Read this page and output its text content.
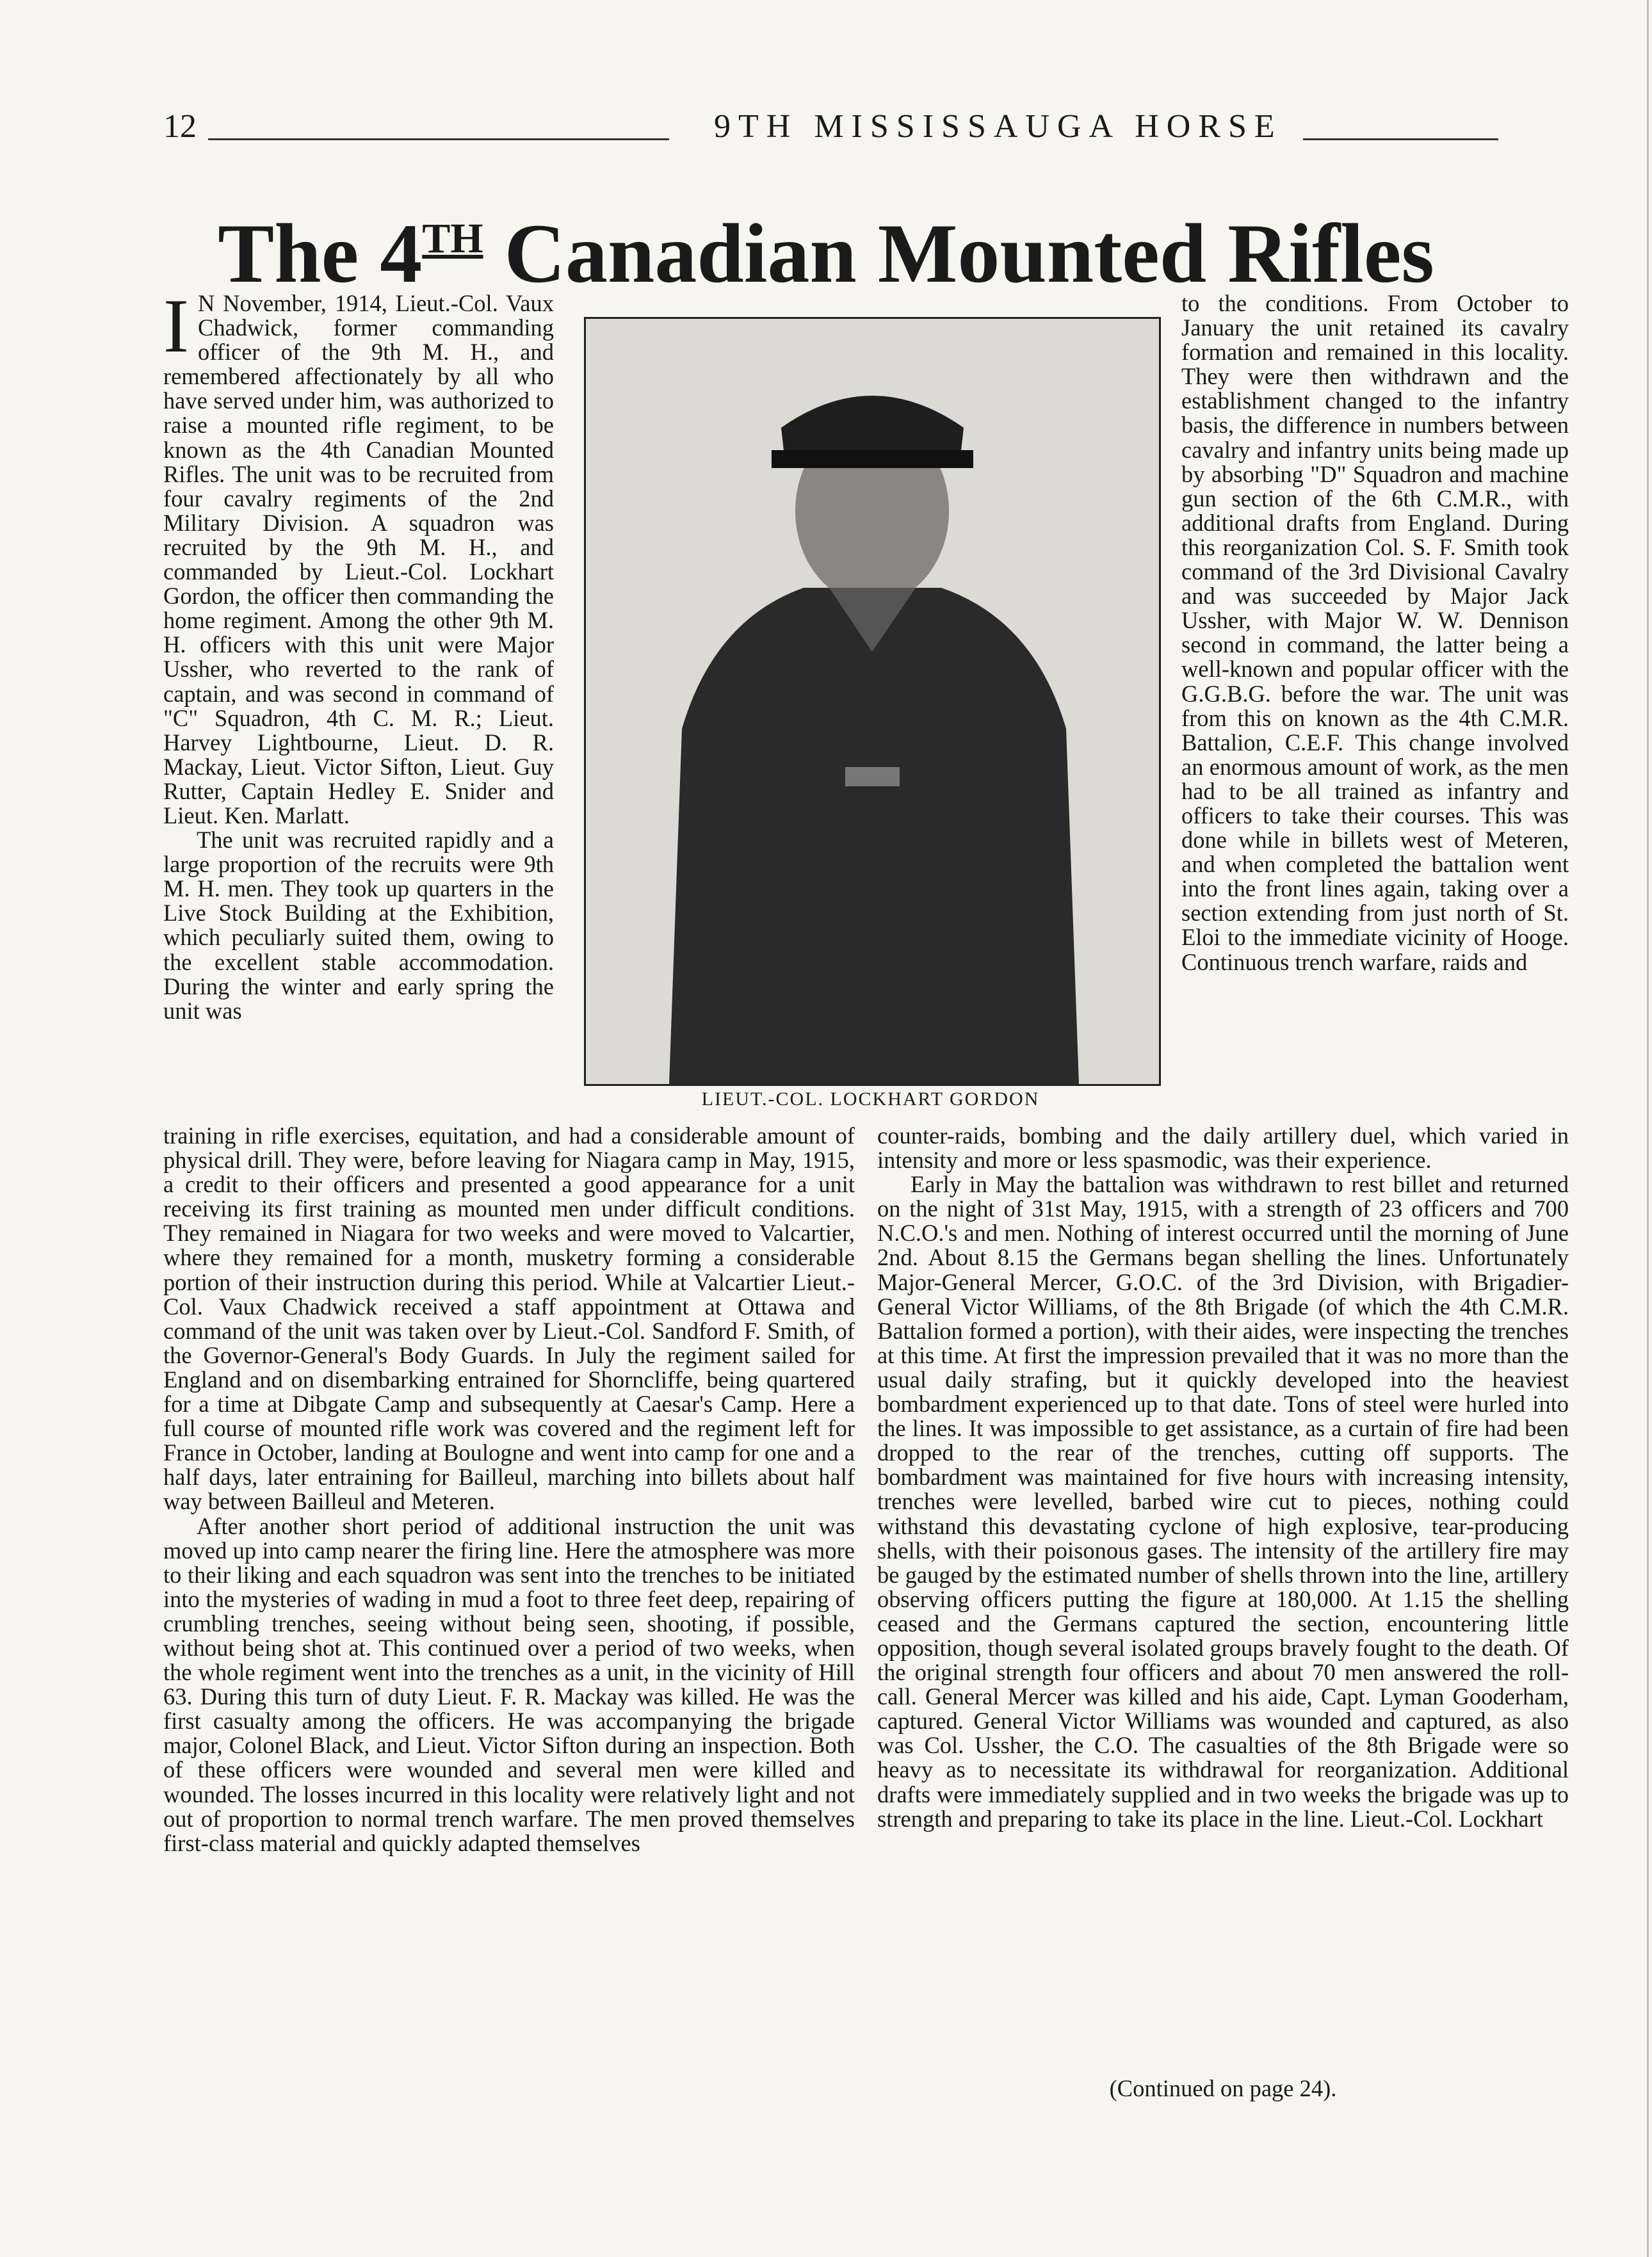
12	9TH MISSISSAUGA HORSE
The 4TH Canadian Mounted Rifles

I N November, 1914, Lieut.-Col. Vaux Chadwick, former commanding officer of the 9th M. H., and remembered affectionately by all who have served under him, was authorized to raise a mounted rifle regiment, to be known as the 4th Canadian Mounted Rifles. The unit was to be recruited from four cavalry regiments of the 2nd Military Division. A squadron was recruited by the 9th M. H., and commanded by Lieut.-Col. Lockhart Gordon, the officer then commanding the home regiment. Among the other 9th M. H. officers with this unit were Major Ussher, who reverted to the rank of captain, and was second in command of "C" Squadron, 4th C. M. R.; Lieut. Harvey Lightbourne, Lieut. D. R. Mackay, Lieut. Victor Sifton, Lieut. Guy Rutter, Captain Hedley E. Snider and Lieut. Ken. Marlatt.

The unit was recruited rapidly and a large proportion of the recruits were 9th M. H. men. They took up quarters in the Live Stock Building at the Exhibition, which peculiarly suited them, owing to the excellent stable accommodation. During the winter and early spring the unit was

LIEUT.-COL. LOCKHART GORDON

to the conditions. From October to January the unit retained its cavalry formation and remained in this locality. They were then withdrawn and the establishment changed to the infantry basis, the difference in numbers between cavalry and infantry units being made up by absorbing "D" Squadron and machine gun section of the 6th C.M.R., with additional drafts from England. During this reorganization Col. S. F. Smith took command of the 3rd Divisional Cavalry and was succeeded by Major Jack Ussher, with Major W. W. Dennison second in command, the latter being a well-known and popular officer with the G.G.B.G. before the war. The unit was from this on known as the 4th C.M.R. Battalion, C.E.F. This change involved an enormous amount of work, as the men had to be all trained as infantry and officers to take their courses. This was done while in billets west of Meteren, and when completed the battalion went into the front lines again, taking over a section extending from just north of St. Eloi to the immediate vicinity of Hooge. Continuous trench warfare, raids and

training in rifle exercises, equitation, and had a considerable amount of physical drill. They were, before leaving for Niagara camp in May, 1915, a credit to their officers and presented a good appearance for a unit receiving its first training as mounted men under difficult conditions. They remained in Niagara for two weeks and were moved to Valcartier, where they remained for a month, musketry forming a considerable portion of their instruction during this period. While at Valcartier Lieut.-Col. Vaux Chadwick received a staff appointment at Ottawa and command of the unit was taken over by Lieut.-Col. Sandford F. Smith, of the Governor-General's Body Guards. In July the regiment sailed for England and on disembarking entrained for Shorncliffe, being quartered for a time at Dibgate Camp and subsequently at Caesar's Camp. Here a full course of mounted rifle work was covered and the regiment left for France in October, landing at Boulogne and went into camp for one and a half days, later entraining for Bailleul, marching into billets about half way between Bailleul and Meteren.

After another short period of additional instruction the unit was moved up into camp nearer the firing line. Here the atmosphere was more to their liking and each squadron was sent into the trenches to be initiated into the mysteries of wading in mud a foot to three feet deep, repairing of crumbling trenches, seeing without being seen, shooting, if possible, without being shot at. This continued over a period of two weeks, when the whole regiment went into the trenches as a unit, in the vicinity of Hill 63. During this turn of duty Lieut. F. R. Mackay was killed. He was the first casualty among the officers. He was accompanying the brigade major, Colonel Black, and Lieut. Victor Sifton during an inspection. Both of these officers were wounded and several men were killed and wounded. The losses incurred in this locality were relatively light and not out of proportion to normal trench warfare. The men proved themselves first-class material and quickly adapted themselves

counter-raids, bombing and the daily artillery duel, which varied in intensity and more or less spasmodic, was their experience.

Early in May the battalion was withdrawn to rest billet and returned on the night of 31st May, 1915, with a strength of 23 officers and 700 N.C.O.'s and men. Nothing of interest occurred until the morning of June 2nd. About 8.15 the Germans began shelling the lines. Unfortunately Major-General Mercer, G.O.C. of the 3rd Division, with Brigadier-General Victor Williams, of the 8th Brigade (of which the 4th C.M.R. Battalion formed a portion), with their aides, were inspecting the trenches at this time. At first the impression prevailed that it was no more than the usual daily strafing, but it quickly developed into the heaviest bombardment experienced up to that date. Tons of steel were hurled into the lines. It was impossible to get assistance, as a curtain of fire had been dropped to the rear of the trenches, cutting off supports. The bombardment was maintained for five hours with increasing intensity, trenches were levelled, barbed wire cut to pieces, nothing could withstand this devastating cyclone of high explosive, tear-producing shells, with their poisonous gases. The intensity of the artillery fire may be gauged by the estimated number of shells thrown into the line, artillery observing officers putting the figure at 180,000. At 1.15 the shelling ceased and the Germans captured the section, encountering little opposition, though several isolated groups bravely fought to the death. Of the original strength four officers and about 70 men answered the roll-call. General Mercer was killed and his aide, Capt. Lyman Gooderham, captured. General Victor Williams was wounded and captured, as also was Col. Ussher, the C.O. The casualties of the 8th Brigade were so heavy as to necessitate its withdrawal for reorganization. Additional drafts were immediately supplied and in two weeks the brigade was up to strength and preparing to take its place in the line. Lieut.-Col. Lockhart

(Continued on page 24).
